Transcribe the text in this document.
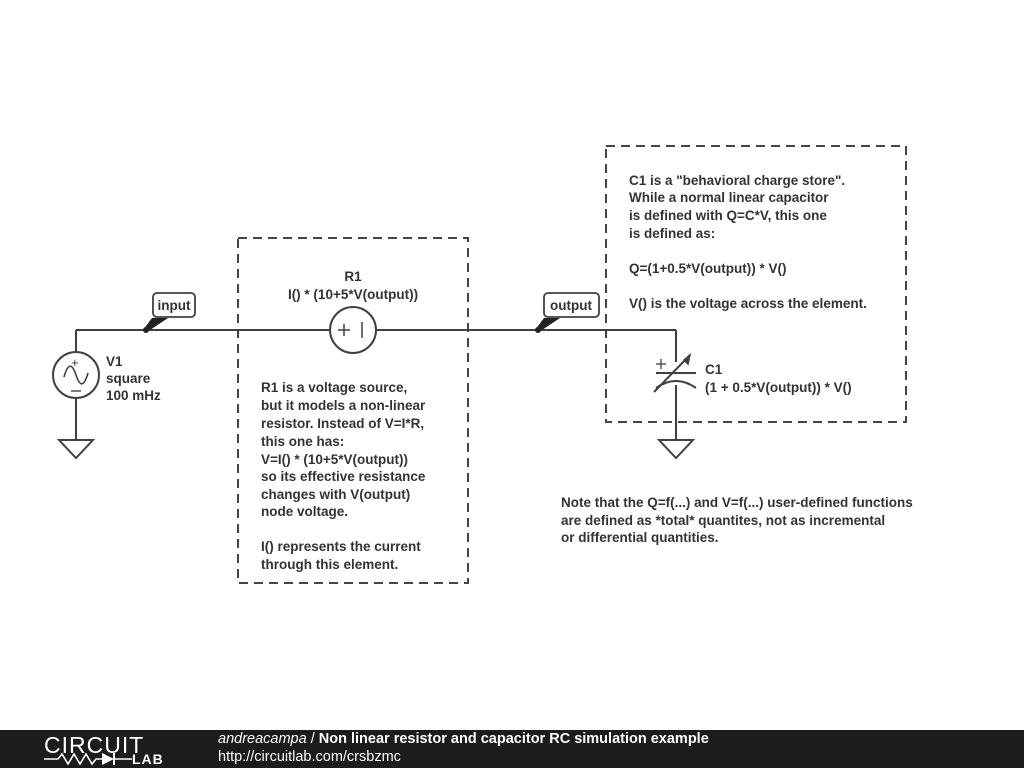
+
input	output
V1
square
100 mHz
R1
I() * (10+5*V(output))
C1
(1 + 0.5*V(output)) * V()
R1 is a voltage source,
but it models a non-linear
resistor. Instead of V=I*R,
this one has:
V=I() * (10+5*V(output))
so its effective resistance
changes with V(output)
node voltage.
I() represents the current
through this element.
C1 is a "behavioral charge store".
While a normal linear capacitor
is defined with Q=C*V, this one
is defined as:
Q=(1+0.5*V(output)) * V()
V() is the voltage across the element.
Note that the Q=f(...) and V=f(...) user-defined functions
are defined as *total* quantites, not as incremental
or differential quantities.
CIRCUIT
LAB
andreacampa / Non linear resistor and capacitor RC simulation example
http://circuitlab.com/crsbzmc
